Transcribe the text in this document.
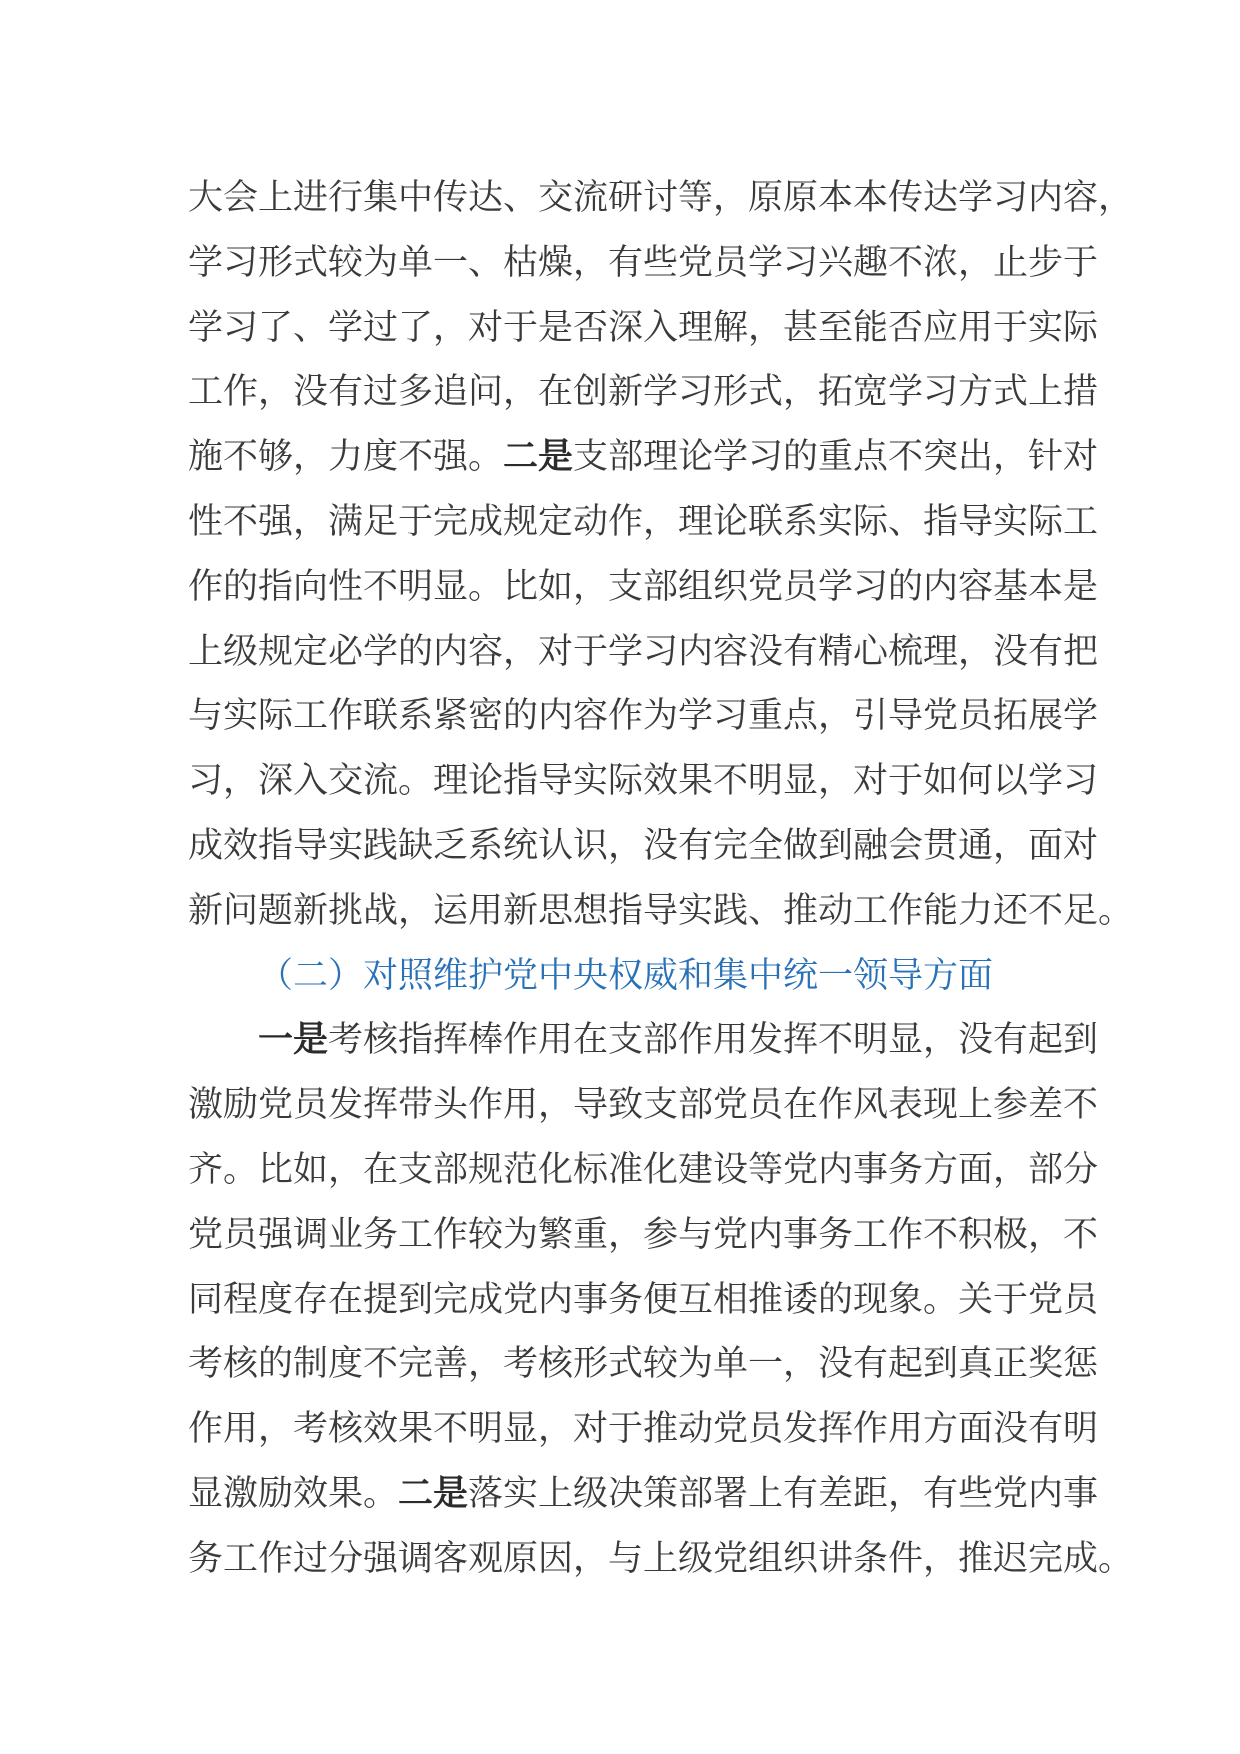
大会上进行集中传达、交流研讨等，原原本本传达学习内容，
学习形式较为单一、枯燥，有些党员学习兴趣不浓，止步于
学习了、学过了，对于是否深入理解，甚至能否应用于实际
工作，没有过多追问，在创新学习形式，拓宽学习方式上措
施不够，力度不强。二是支部理论学习的重点不突出，针对
性不强，满足于完成规定动作，理论联系实际、指导实际工
作的指向性不明显。比如，支部组织党员学习的内容基本是
上级规定必学的内容，对于学习内容没有精心梳理，没有把
与实际工作联系紧密的内容作为学习重点，引导党员拓展学
习，深入交流。理论指导实际效果不明显，对于如何以学习
成效指导实践缺乏系统认识，没有完全做到融会贯通，面对
新问题新挑战，运用新思想指导实践、推动工作能力还不足。
（二）对照维护党中央权威和集中统一领导方面
一是考核指挥棒作用在支部作用发挥不明显，没有起到
激励党员发挥带头作用，导致支部党员在作风表现上参差不
齐。比如，在支部规范化标准化建设等党内事务方面，部分
党员强调业务工作较为繁重，参与党内事务工作不积极，不
同程度存在提到完成党内事务便互相推诿的现象。关于党员
考核的制度不完善，考核形式较为单一，没有起到真正奖惩
作用，考核效果不明显，对于推动党员发挥作用方面没有明
显激励效果。二是落实上级决策部署上有差距，有些党内事
务工作过分强调客观原因，与上级党组织讲条件，推迟完成。
